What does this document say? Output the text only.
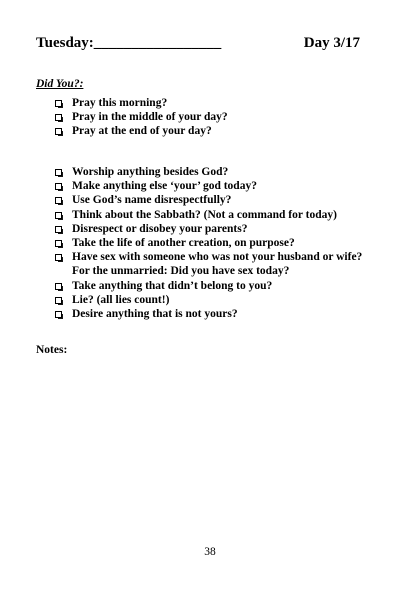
Tuesday:_________________	Day 3/17
Did You?:
Pray this morning?
Pray in the middle of your day?
Pray at the end of your day?
Worship anything besides God?
Make anything else ‘your’ god today?
Use God’s name disrespectfully?
Think about the Sabbath? (Not a command for today)
Disrespect or disobey your parents?
Take the life of another creation, on purpose?
Have sex with someone who was not your husband or wife? For the unmarried: Did you have sex today?
Take anything that didn’t belong to you?
Lie? (all lies count!)
Desire anything that is not yours?
Notes:
38
